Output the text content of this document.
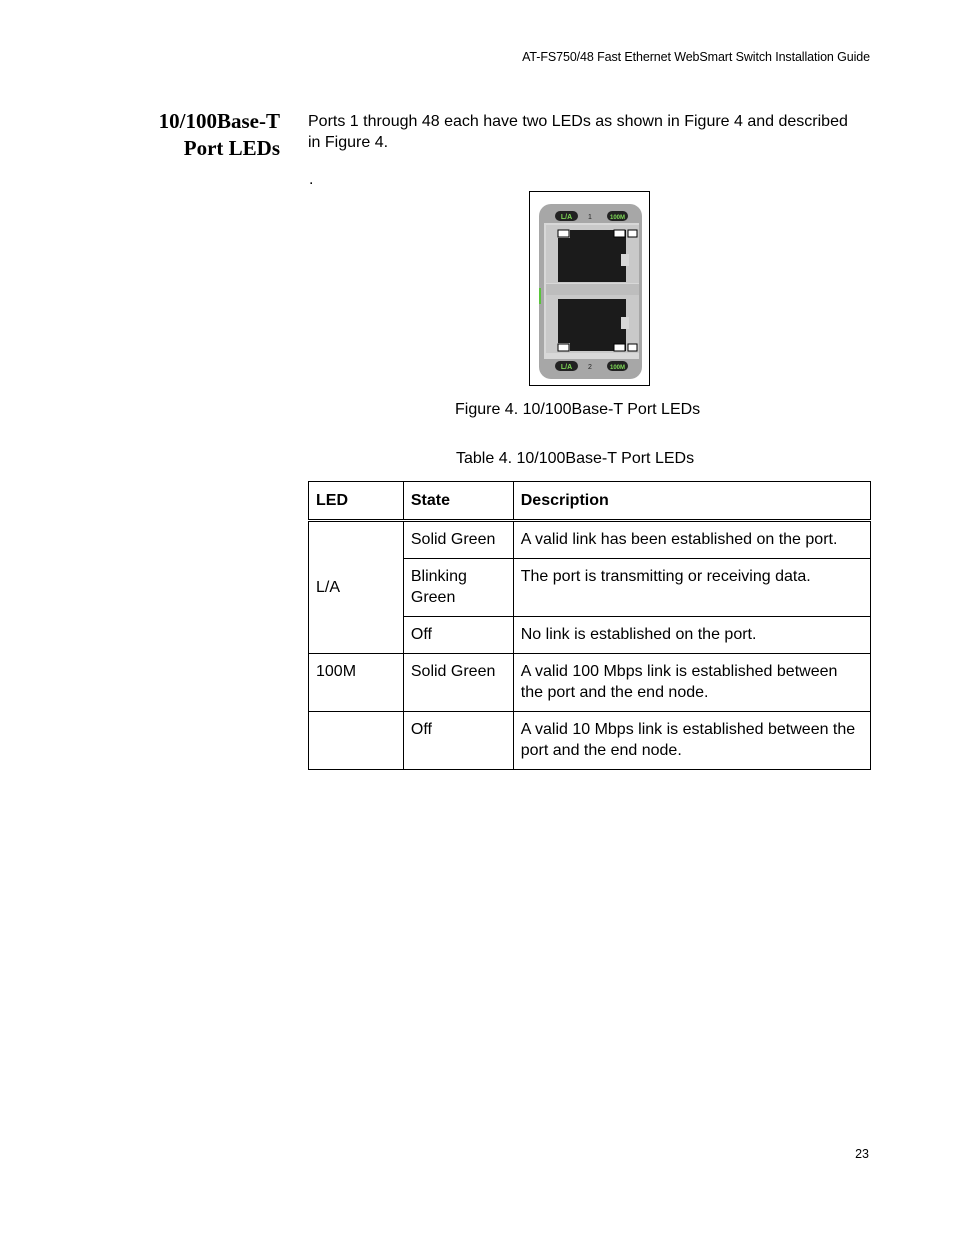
AT-FS750/48 Fast Ethernet WebSmart Switch Installation Guide
10/100Base-T
Port LEDs
Ports 1 through 48 each have two LEDs as shown in Figure 4 and described in Figure 4.
.
L/A 1	100M
L/A 2	100M
Figure 4. 10/100Base-T Port LEDs
Table 4. 10/100Base-T Port LEDs
LED	State	Description
L/A	Solid Green	A valid link has been established on the port.
	Blinking Green	The port is transmitting or receiving data.
	Off	No link is established on the port.
100M	Solid Green	A valid 100 Mbps link is established between the port and the end node.
	Off	A valid 10 Mbps link is established between the port and the end node.
23
